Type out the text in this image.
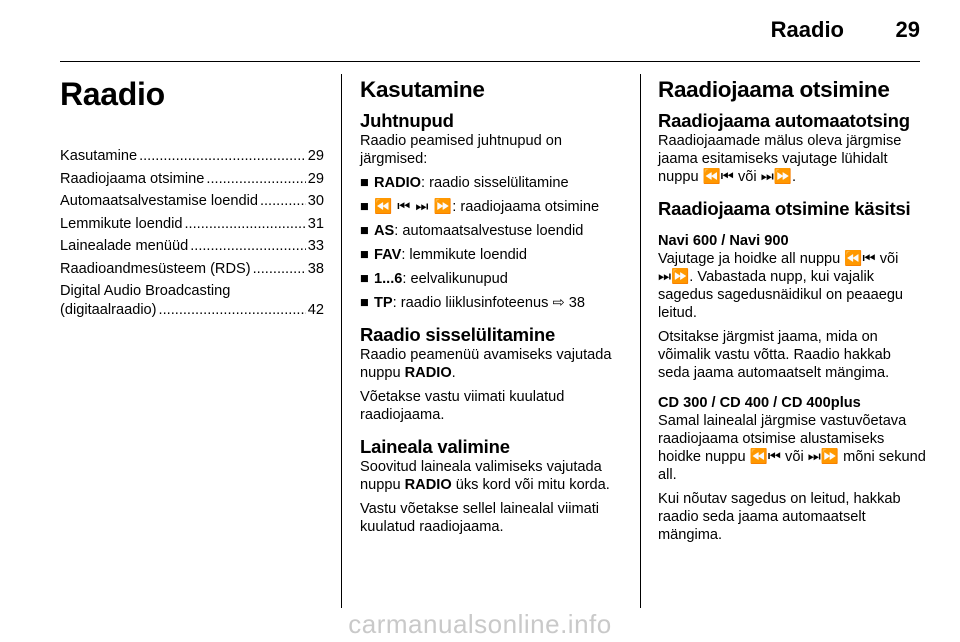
Raadio 29
Raadio
Kasutamine .....	29
Raadiojaama otsimine .....	29
Automaatsalvestamise loendid .....	30
Lemmikute loendid .....	31
Lainealade menüüd .....	33
Raadioandmesüsteem (RDS) .....	38
Digital Audio Broadcasting
(digitaalraadio) .....	42
Kasutamine
Juhtnupud

Raadio peamised juhtnupud on järgmised:

■ RADIO: raadio sisselülitamine
■ ⏪ ⏮ ⏭ ⏩: raadiojaama otsimine
■ AS: automaatsalvestuse loendid
■ FAV: lemmikute loendid
■ 1...6: eelvalikunupud
■ TP: raadio liiklusinfoteenus ⇨ 38
Raadio sisselülitamine

Raadio peamenüü avamiseks vajutada nuppu RADIO.

Võetakse vastu viimati kuulatud raadiojaama.

Laineala valimine

Soovitud laineala valimiseks vajutada nuppu RADIO üks kord või mitu korda.

Vastu võetakse sellel lainealal viimati kuulatud raadiojaama.

Raadiojaama otsimine
Raadiojaama automaatotsing

Raadiojaamade mälus oleva järgmise jaama esitamiseks vajutage lühidalt nuppu ⏪⏮ või ⏭⏩.

Raadiojaama otsimine käsitsi
Navi 600 / Navi 900

Vajutage ja hoidke all nuppu ⏪⏮ või ⏭⏩. Vabastada nupp, kui vajalik sagedus sagedusnäidikul on peaaegu leitud.

Otsitakse järgmist jaama, mida on võimalik vastu võtta. Raadio hakkab seda jaama automaatselt mängima.

CD 300 / CD 400 / CD 400plus

Samal lainealal järgmise vastuvõetava raadiojaama otsimise alustamiseks hoidke nuppu ⏪⏮ või ⏭⏩ mõni sekund all.

Kui nõutav sagedus on leitud, hakkab raadio seda jaama automaatselt mängima.

carmanualsonline.info
